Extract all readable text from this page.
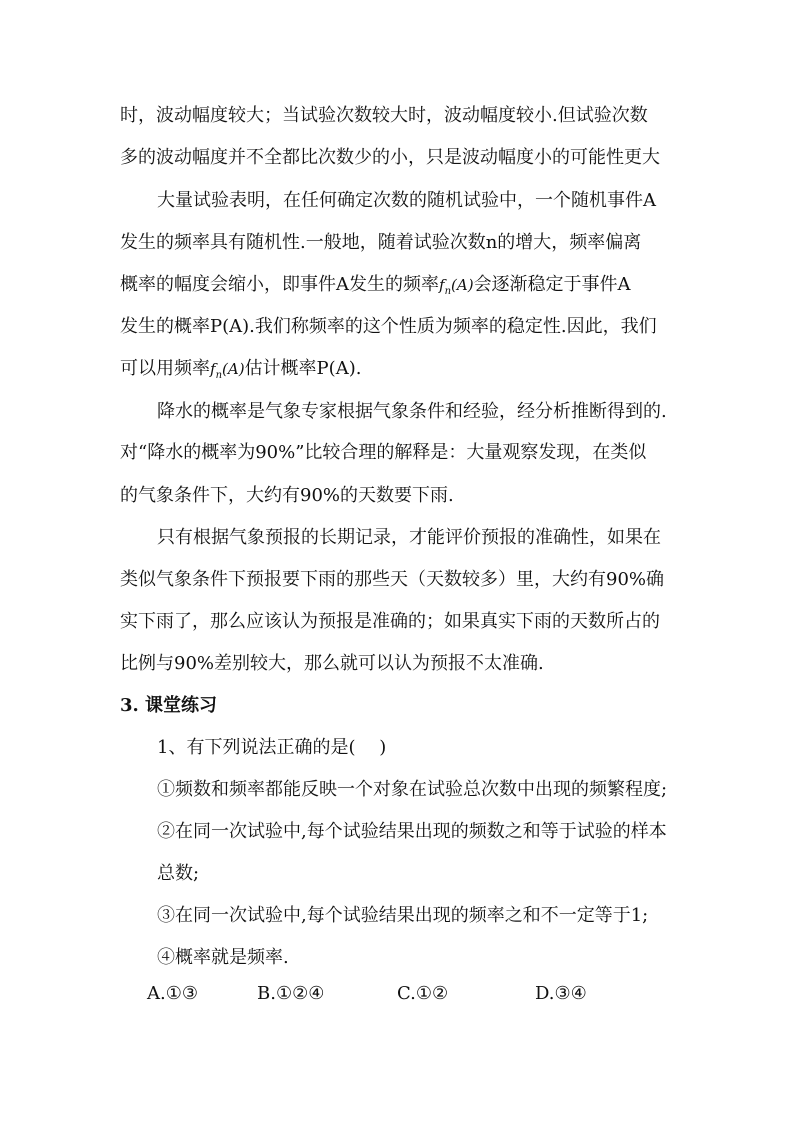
时，波动幅度较大；当试验次数较大时，波动幅度较小.但试验次数
多的波动幅度并不全都比次数少的小，只是波动幅度小的可能性更大
大量试验表明，在任何确定次数的随机试验中，一个随机事件A
发生的频率具有随机性.一般地，随着试验次数n的增大，频率偏离
概率的幅度会缩小，即事件A发生的频率$f_n(A)$会逐渐稳定于事件A
发生的概率P(A).我们称频率的这个性质为频率的稳定性.因此，我们
可以用频率$f_n(A)$估计概率P(A).
降水的概率是气象专家根据气象条件和经验，经分析推断得到的.
对“降水的概率为90%”比较合理的解释是：大量观察发现，在类似
的气象条件下，大约有90%的天数要下雨.
只有根据气象预报的长期记录，才能评价预报的准确性，如果在
类似气象条件下预报要下雨的那些天（天数较多）里，大约有90%确
实下雨了，那么应该认为预报是准确的；如果真实下雨的天数所占的
比例与90%差别较大，那么就可以认为预报不太准确.
3. 课堂练习
1、有下列说法正确的是(　 )
①频数和频率都能反映一个对象在试验总次数中出现的频繁程度;
②在同一次试验中,每个试验结果出现的频数之和等于试验的样本
总数;
③在同一次试验中,每个试验结果出现的频率之和不一定等于1;
④概率就是频率.
A.①③	B.①②④	C.①②	D.③④
